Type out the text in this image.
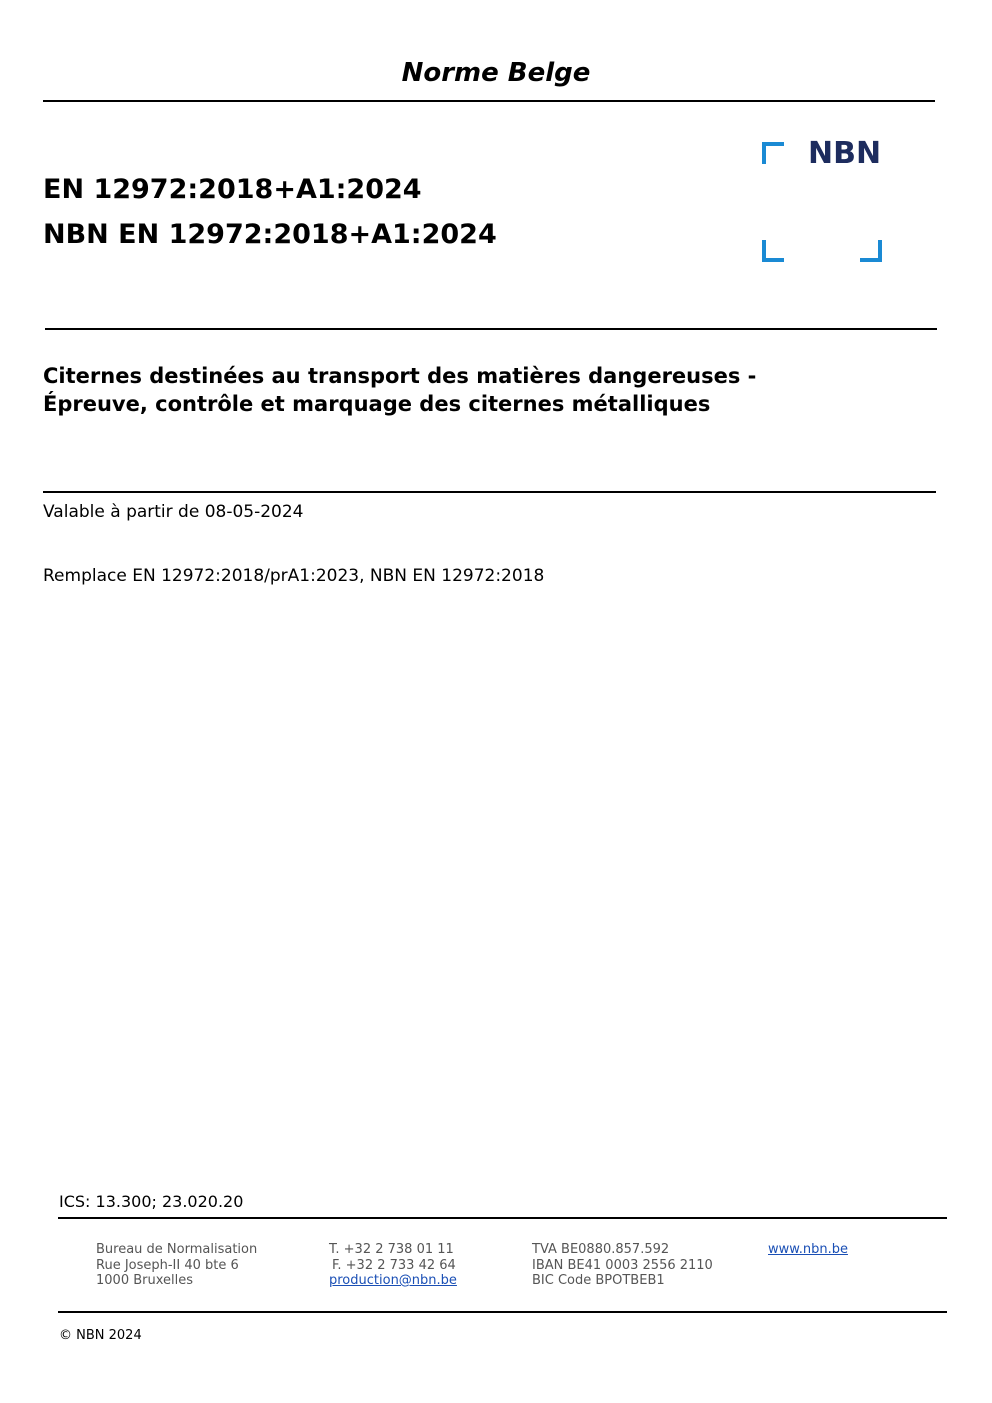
Norme Belge
EN 12972:2018+A1:2024
NBN EN 12972:2018+A1:2024
NBN
Citernes destinées au transport des matières dangereuses -
Épreuve, contrôle et marquage des citernes métalliques
Valable à partir de 08-05-2024
Remplace EN 12972:2018/prA1:2023, NBN EN 12972:2018
ICS: 13.300; 23.020.20
Bureau de Normalisation
Rue Joseph-II 40 bte 6
1000 Bruxelles
T. +32 2 738 01 11
F. +32 2 733 42 64
production@nbn.be
TVA BE0880.857.592
IBAN BE41 0003 2556 2110
BIC Code BPOTBEB1
www.nbn.be
© NBN 2024
